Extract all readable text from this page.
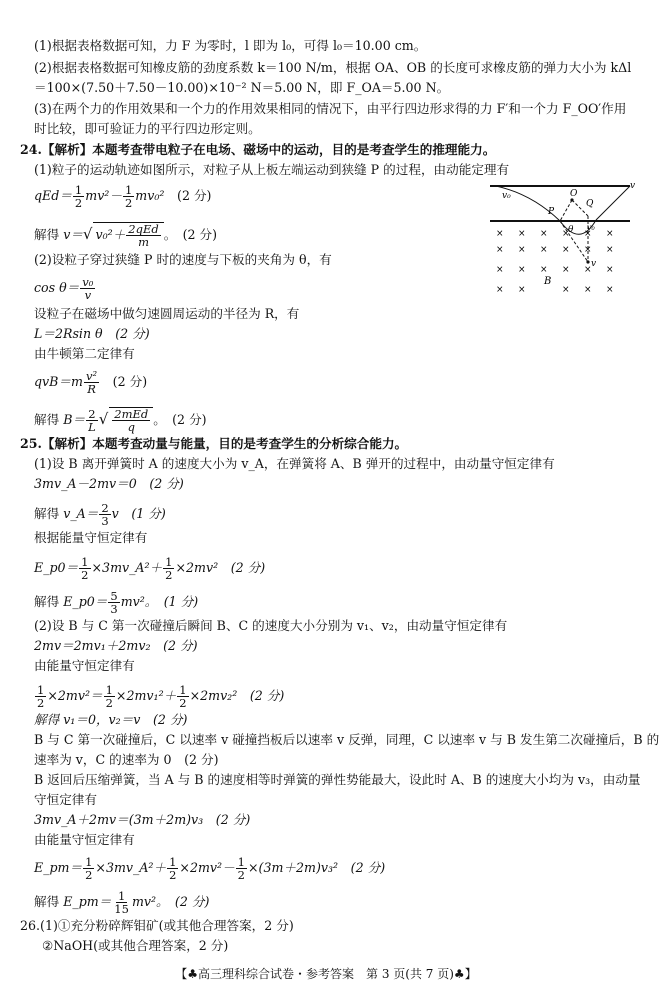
(1)根据表格数据可知，力 F 为零时，l 即为 l₀，可得 l₀＝10.00 cm。
(2)根据表格数据可知橡皮筋的劲度系数 k＝100 N/m，根据 OA、OB 的长度可求橡皮筋的弹力大小为 kΔl
＝100×(7.50＋7.50－10.00)×10⁻² N＝5.00 N，即 F_OA＝5.00 N。
(3)在两个力的作用效果和一个力的作用效果相同的情况下，由平行四边形求得的力 F′和一个力 F_OO′作用
时比较，即可验证力的平行四边形定则。
24.【解析】本题考查带电粒子在电场、磁场中的运动，目的是考查学生的推理能力。
(1)粒子的运动轨迹如图所示，对粒子从上板左端运动到狭缝 P 的过程，由动能定理有
$qEd= \frac{1}{2} mv^2- \frac{1}{2} mv_0^2$　 (2 分)
解得 v＝√ $v_0^2+ \frac{\text{2qEd}}{m}$ 。　 (2 分)
(2)设粒子穿过狭缝 P 时的速度与下板的夹角为 θ，有
$\cos \theta= \frac{\text{v₀}}{v}$
设粒子在磁场中做匀速圆周运动的半径为 R，有
L＝2Rsin θ　(2 分)
由牛顿第二定律有
$qvB=m \frac{\text{v²}}{R}$
　 (2 分)
解得 $B= \frac{2}{L}$ √ $\frac{\text{2mEd}}{q}$ 。　 (2 分)
v₀
v
O
Q
P
θ v₀
v
B
× × × × × ×
× × × × × ×
× × × × × ×
× ×	× × ×
25.【解析】本题考查动量与能量，目的是考查学生的分析综合能力。
(1)设 B 离开弹簧时 A 的速度大小为 v_A，在弹簧将 A、B 弹开的过程中，由动量守恒定律有
3mv_A－2mv＝0　(2 分)
解得 v_A＝ $\frac{2}{3}$ v　(1 分)
根据能量守恒定律有
E_p0＝ $\frac{1}{2}$ ×3mv_A²＋ $\frac{1}{2} \times 2mv^2$　(2 分)
解得 E_p0＝ $\frac{5}{3} mv^2$。　(1 分)
(2)设 B 与 C 第一次碰撞后瞬间 B、C 的速度大小分别为 v₁、v₂，由动量守恒定律有
2mv＝2mv₁＋2mv₂　(2 分)
由能量守恒定律有
$\frac{1}{2} \times 2mv^2= \frac{1}{2} \times 2mv_1^2+ \frac{1}{2} \times 2mv_2^2$　(2 分)
解得 v₁＝0，v₂＝v　(2 分)
B 与 C 第一次碰撞后，C 以速率 v 碰撞挡板后以速率 v 反弹，同理，C 以速率 v 与 B 发生第二次碰撞后，B 的
速率为 v，C 的速率为 0　(2 分)
B 返回后压缩弹簧，当 A 与 B 的速度相等时弹簧的弹性势能最大，设此时 A、B 的速度大小均为 v₃，由动量
守恒定律有
3mv_A＋2mv＝(3m＋2m)v₃　(2 分)
由能量守恒定律有
E_pm＝ $\frac{1}{2}$ ×3mv_A²＋ $\frac{1}{2} \times 2mv^2- \frac{1}{2} \times(3m+2m)v_3^2$　(2 分)
解得 E_pm＝ $\frac{1}{15} mv^2$。　(2 分)
26.(1)①充分粉碎辉钼矿(或其他合理答案，2 分)
②NaOH(或其他合理答案，2 分)
【♣高三理科综合试卷・参考答案　第 3 页(共 7 页)♣】
